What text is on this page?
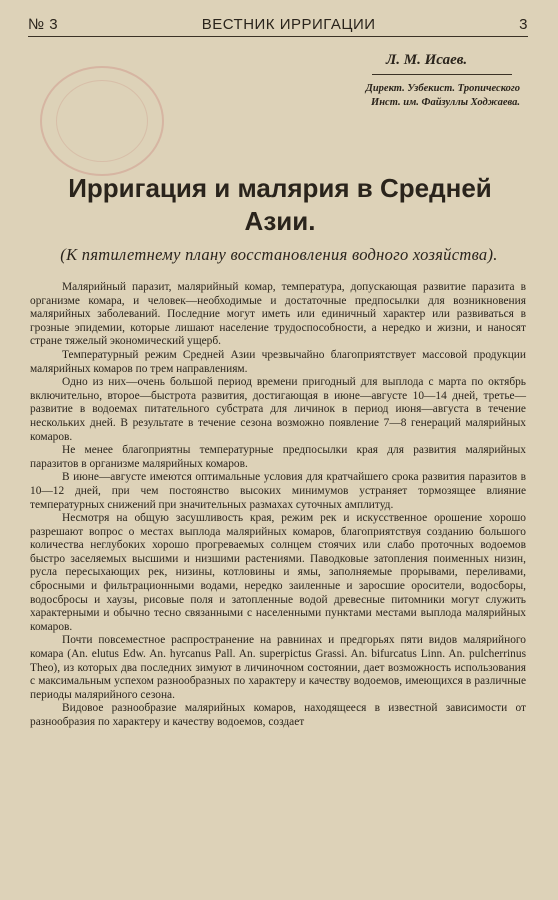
№ 3	ВЕСТНИК ИРРИГАЦИИ	3
Л. М. Исаев.
Директ. Узбекист. Тропического
Инст. им. Файзуллы Ходжаева.
Ирригация и малярия в Средней Азии.
(К пятилетнему плану восстановления водного хозяйства).

Малярийный паразит, малярийный комар, температура, допускающая развитие паразита в организме комара, и человек—необходимые и достаточные предпосылки для возникновения малярийных заболеваний. Последние могут иметь или единичный характер или развиваться в грозные эпидемии, которые лишают население трудоспособности, а нередко и жизни, и наносят стране тяжелый экономический ущерб.

Температурный режим Средней Азии чрезвычайно благоприятствует массовой продукции малярийных комаров по трем направлениям.

Одно из них—очень большой период времени пригодный для выплода с марта по октябрь включительно, второе—быстрота развития, достигающая в июне—августе 10—14 дней, третье—развитие в водоемах питательного субстрата для личинок в период июня—августа в течение нескольких дней. В результате в течение сезона возможно появление 7—8 генераций малярийных комаров.

Не менее благоприятны температурные предпосылки края для развития малярийных паразитов в организме малярийных комаров.

В июне—августе имеются оптимальные условия для кратчайшего срока развития паразитов в 10—12 дней, при чем постоянство высоких минимумов устраняет тормозящее влияние температурных снижений при значительных размахах суточных амплитуд.

Несмотря на общую засушливость края, режим рек и искусственное орошение хорошо разрешают вопрос о местах выплода малярийных комаров, благоприятствуя созданию большого количества неглубоких хорошо прогреваемых солнцем стоячих или слабо проточных водоемов быстро заселяемых высшими и низшими растениями. Паводковые затопления поименных низин, русла пересыхающих рек, низины, котловины и ямы, заполняемые прорывами, переливами, сбросными и фильтрационными водами, нередко заиленные и заросшие оросители, водосборы, водосбросы и хаузы, рисовые поля и затопленные водой древесные питомники могут служить характерными и обычно тесно связанными с населенными пунктами местами выплода малярийных комаров.

Почти повсеместное распространение на равнинах и предгорьях пяти видов малярийного комара (An. elutus Edw. An. hyrcanus Pall. An. superpictus Grassi. An. bifurcatus Linn. An. pulcherrinus Theo), из которых два последних зимуют в личиночном состоянии, дает возможность использования с максимальным успехом разнообразных по характеру и качеству водоемов, имеющихся в различные периоды малярийного сезона.

Видовое разнообразие малярийных комаров, находящееся в известной зависимости от разнообразия по характеру и качеству водоемов, создает
